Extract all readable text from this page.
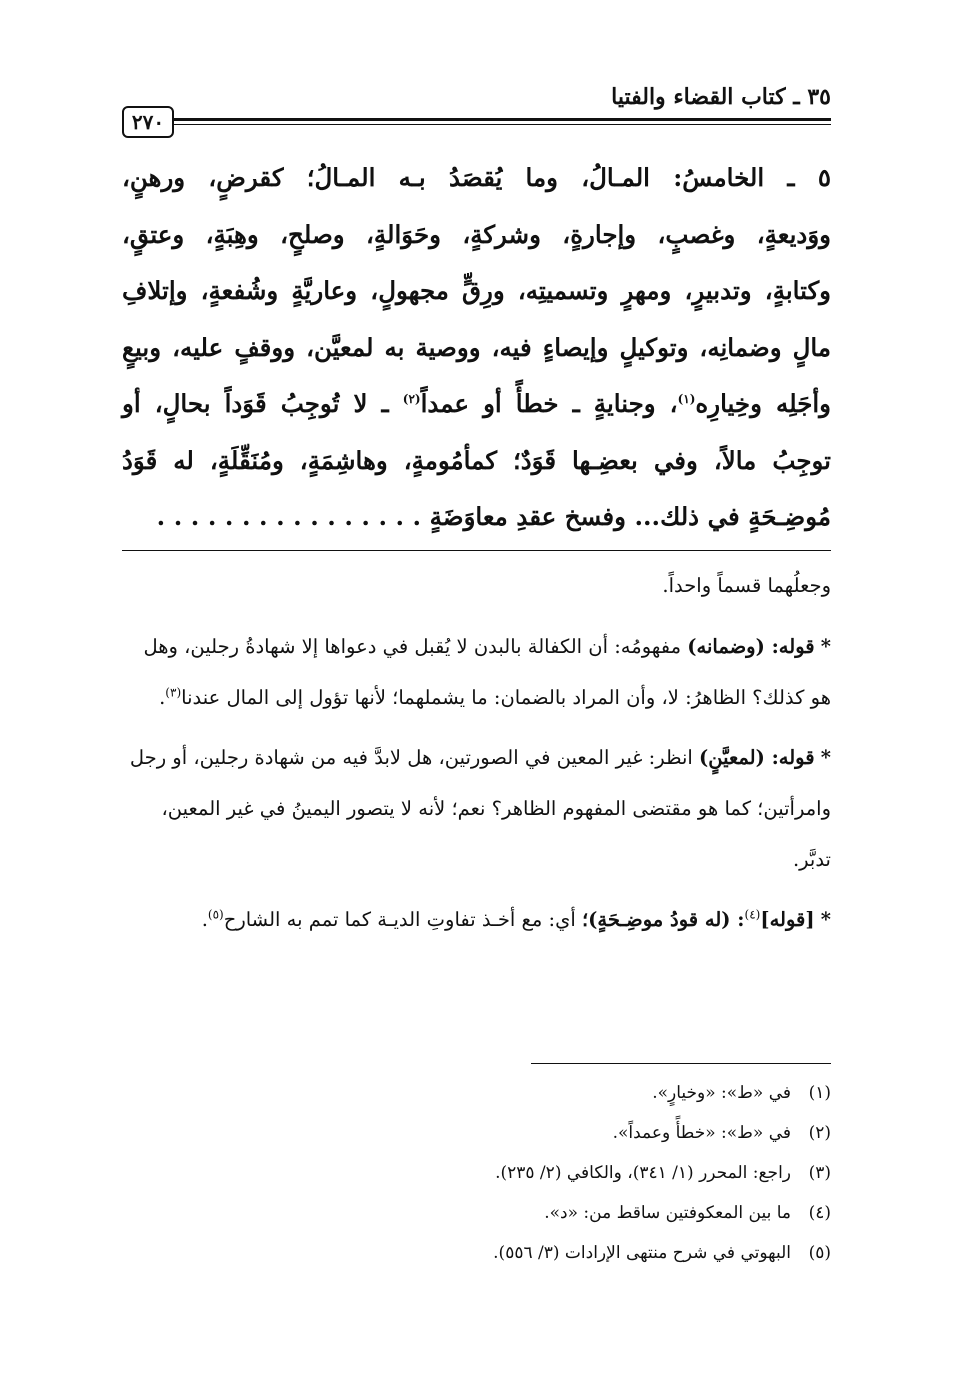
٣٥ ـ كتاب القضاء والفتيا
٢٧٠
٥ ـ الخامسُ: المـالُ، وما يُقصَدُ بـه المـالُ؛ كقرضٍ، ورهنٍ،
ووَديعةٍ، وغصبٍ، وإجارةٍ، وشركةٍ، وحَوَالةٍ، وصلحٍ، وهِبَةٍ، وعتقٍ،
وكتابةٍ، وتدبيرٍ، ومهرٍ وتسميتِه، ورِقٍّ مجهولٍ، وعاريَّةٍ وشُفعةٍ، وإتلافِ
مالٍ وضمانِه، وتوكيلٍ وإيصاءٍ فيه، ووصية به لمعيَّن، ووقفٍ عليه، وبيعٍ
وأجَلِه وخِيارِه$^{(١)}$، وجنايةٍ ـ خطأً أو عمداً$^{(٢)}$ ـ لا تُوجِبُ قَوَداً بحالٍ، أو
توجِبُ مالاً، وفي بعضِـها قَوَدٌ؛ كمأمُومةٍ، وهاشِمَةٍ، ومُنَقِّلَةٍ، له قَوَدُ
مُوضِـحَةٍ في ذلك... وفسخ عقدِ معاوَضَةٍ . . . . . . . . . . . . . . . .

وجعلُهما قسماً واحداً.

* قوله: (وضمانه) مفهومُه: أن الكفالة بالبدن لا يُقبل في دعواها إلا شهادةُ رجلين، وهل هو كذلك؟ الظاهرُ: لا، وأن المراد بالضمان: ما يشملهما؛ لأنها تؤول إلى المال عندنا$^{(٣)}$.

* قوله: (لمعيَّنٍ) انظر: غير المعين في الصورتين، هل لابدَّ فيه من شهادة رجلين، أو رجل وامرأتين؛ كما هو مقتضى المفهوم الظاهر؟ نعم؛ لأنه لا يتصور اليمينُ في غير المعين، تدبَّر.

* [قوله]$^{(٤)}$: (له قودُ موضِـحَةٍ)؛ أي: مع أخـذ تفاوتِ الديـة كما تمم به الشارح$^{(٥)}$.

(١)في «ط»: «وخيارٍ».
(٢)في «ط»: «خطأً وعمداً».
(٣)راجع: المحرر (١/ ٣٤١)، والكافي (٢/ ٢٣٥).
(٤)ما بين المعكوفتين ساقط من: «د».
(٥)البهوتي في شرح منتهى الإرادات (٣/ ٥٥٦).
